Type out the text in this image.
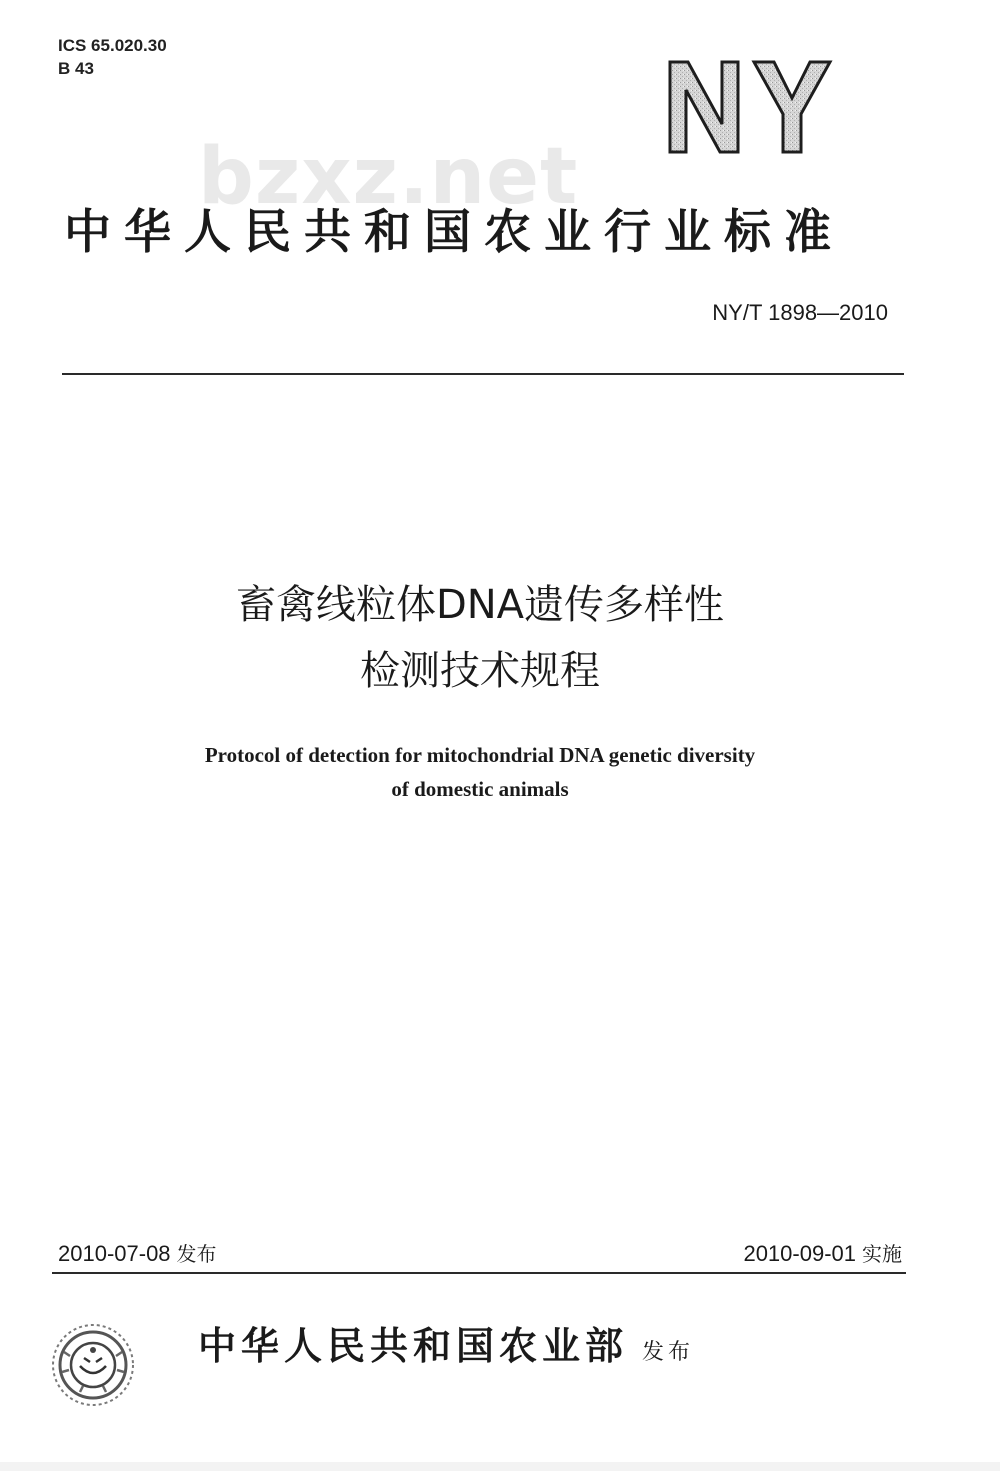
ICS 65.020.30
B 43
bzxz.net
中华人民共和国农业行业标准
NY/T 1898—2010
畜禽线粒体DNA遗传多样性
检测技术规程
Protocol of detection for mitochondrial DNA genetic diversity
of domestic animals
2010-07-08 发布	2010-09-01 实施
中华人民共和国农业部 发布
